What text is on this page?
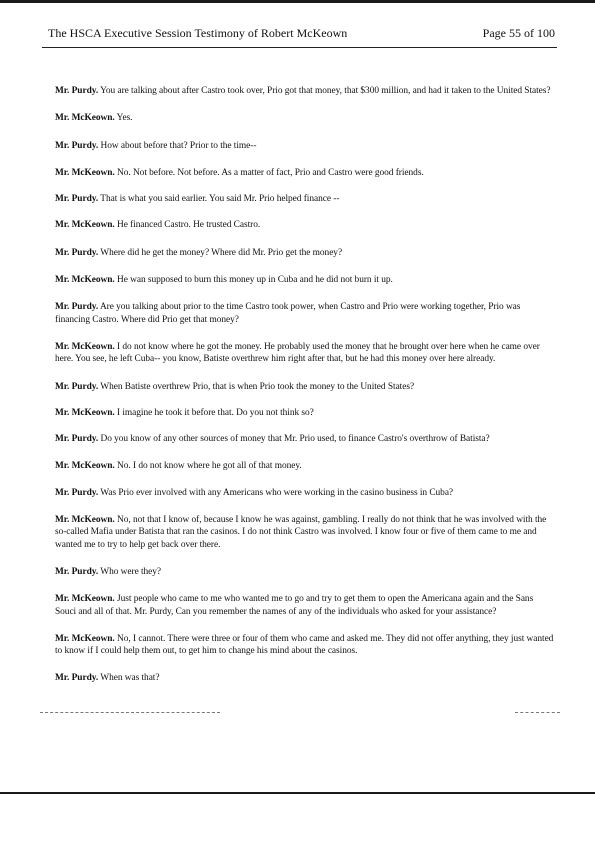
The HSCA Executive Session Testimony of Robert McKeown	Page 55 of 100

Mr. Purdy. You are talking about after Castro took over, Prio got that money, that $300 million, and had it taken to the United States?

Mr. McKeown. Yes.

Mr. Purdy. How about before that? Prior to the time--

Mr. McKeown. No. Not before. Not before. As a matter of fact, Prio and Castro were good friends.

Mr. Purdy. That is what you said earlier. You said Mr. Prio helped finance --

Mr. McKeown. He financed Castro. He trusted Castro.

Mr. Purdy. Where did he get the money? Where did Mr. Prio get the money?

Mr. McKeown. He wan supposed to burn this money up in Cuba and he did not burn it up.

Mr. Purdy. Are you talking about prior to the time Castro took power, when Castro and Prio were working together, Prio was financing Castro. Where did Prio get that money?

Mr. McKeown. I do not know where he got the money. He probably used the money that he brought over here when he came over here. You see, he left Cuba-- you know, Batiste overthrew him right after that, but he had this money over here already.

Mr. Purdy. When Batiste overthrew Prio, that is when Prio took the money to the United States?

Mr. McKeown. I imagine he took it before that. Do you not think so?

Mr. Purdy. Do you know of any other sources of money that Mr. Prio used, to finance Castro's overthrow of Batista?

Mr. McKeown. No. I do not know where he got all of that money.

Mr. Purdy. Was Prio ever involved with any Americans who were working in the casino business in Cuba?

Mr. McKeown. No, not that I know of, because I know he was against, gambling. I really do not think that he was involved with the so-called Mafia under Batista that ran the casinos. I do not think Castro was involved. I know four or five of them came to me and wanted me to try to help get back over there.

Mr. Purdy. Who were they?

Mr. McKeown. Just people who came to me who wanted me to go and try to get them to open the Americana again and the Sans Souci and all of that. Mr. Purdy, Can you remember the names of any of the individuals who asked for your assistance?

Mr. McKeown. No, I cannot. There were three or four of them who came and asked me. They did not offer anything, they just wanted to know if I could help them out, to get him to change his mind about the casinos.

Mr. Purdy. When was that?
